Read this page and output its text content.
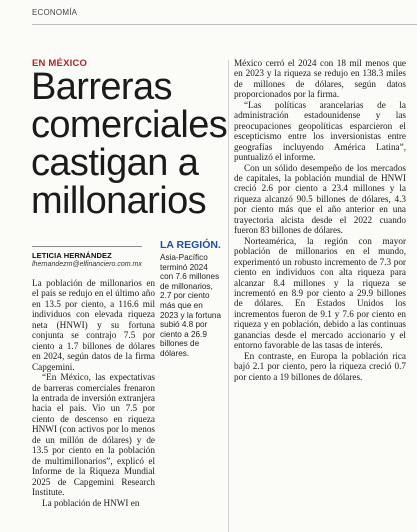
ECONOMÍA
EN MÉXICO
Barreras comerciales castigan a millonarios
LETICIA HERNÁNDEZ
lhernandezm@elfinanciero.com.mx

La población de millonarios en el país se redujo en el último año en 13.5 por ciento, a 116.6 mil individuos con elevada riqueza neta (HNWI) y su fortuna conjunta se contrajo 7.5 por ciento a 1.7 billones de dólares en 2024, según datos de la firma Capgemini.

“En México, las expectativas de barreras comerciales frenaron la entrada de inversión extranjera hacia el país. Vio un 7.5 por ciento de descenso en riqueza HNWI (con activos por lo menos de un millón de dólares) y de 13.5 por ciento en la población de multimillonarios”, explicó el Informe de la Riqueza Mundial 2025 de Capgemini Research Institute.

La población de HNWI en

LA REGIÓN.

Asia-Pacífico terminó 2024 con 7.6 millones de millonarios, 2.7 por ciento más que en 2023 y la fortuna subió 4.8 por ciento a 26.9 billones de dólares.

México cerró el 2024 con 18 mil menos que en 2023 y la riqueza se redujo en 138.3 miles de millones de dólares, según datos proporcionados por la firma.

“Las políticas arancelarias de la administración estadounidense y las preocupaciones geopolíticas esparcieron el escepticismo entre los inversionistas entre geografías incluyendo América Latina”, puntualizó el informe.

Con un sólido desempeño de los mercados de capitales, la población mundial de HNWI creció 2.6 por ciento a 23.4 millones y la riqueza alcanzó 90.5 billones de dólares, 4.3 por ciento más que el año anterior en una trayectoria alcista desde el 2022 cuando fueron 83 billones de dólares.

Norteamérica, la región con mayor población de millonarios en el mundo, experimentó un robusto incremento de 7.3 por ciento en individuos con alta riqueza para alcanzar 8.4 millones y la riqueza se incrementó en 8.9 por ciento a 29.9 billones de dólares. En Estados Unidos los incrementos fueron de 9.1 y 7.6 por ciento en riqueza y en población, debido a las continuas ganancias desde el mercado accionario y el entorno favorable de las tasas de interés.

En contraste, en Europa la población rica bajó 2.1 por ciento, pero la riqueza creció 0.7 por ciento a 19 billones de dólares.
